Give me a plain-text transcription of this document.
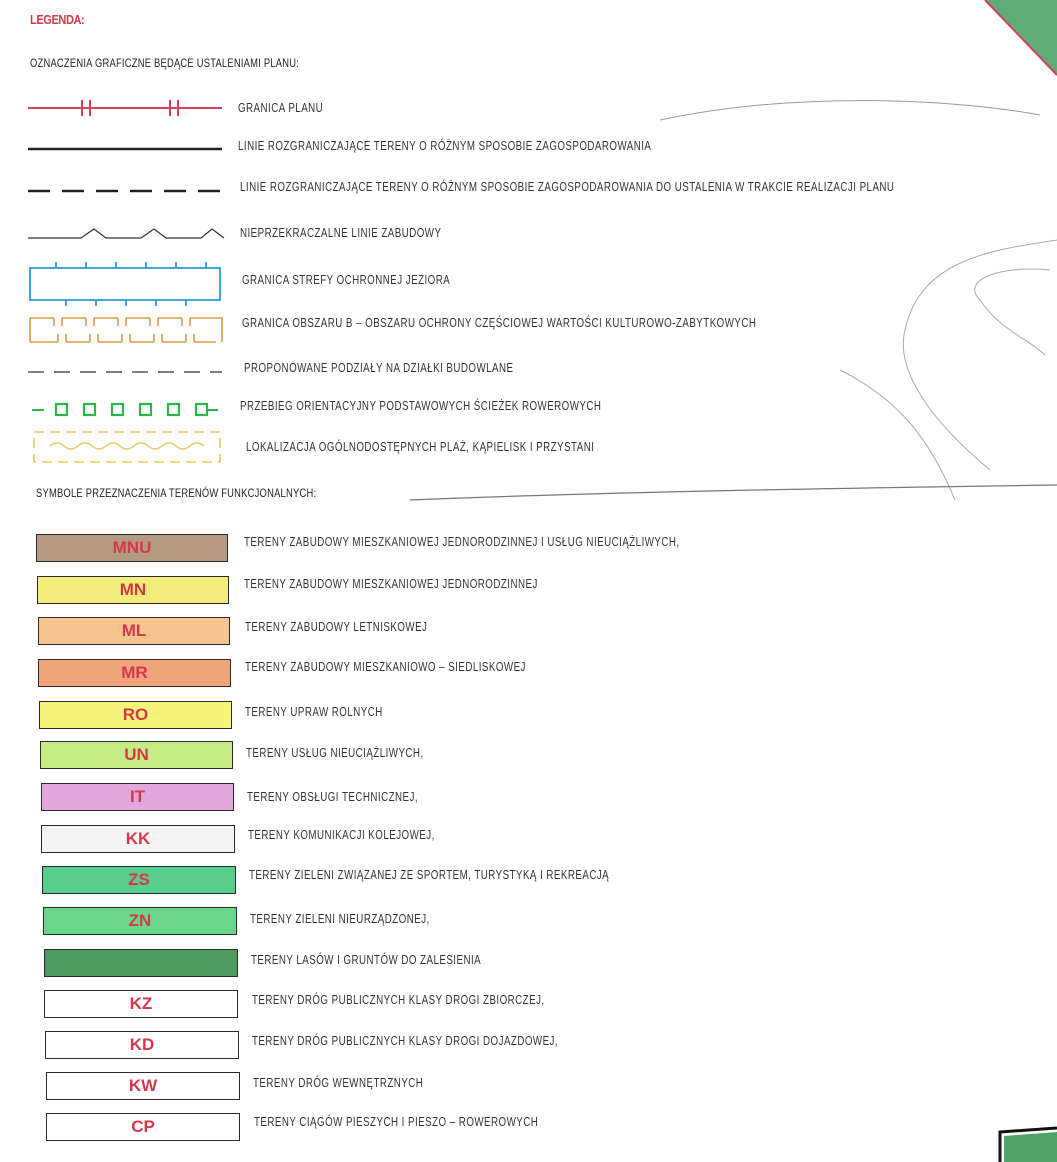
LEGENDA:
OZNACZENIA GRAFICZNE BĘDĄCE USTALENIAMI PLANU:
GRANICA PLANU
LINIE ROZGRANICZAJĄCE TERENY O RÓŻNYM SPOSOBIE ZAGOSPODAROWANIA
LINIE ROZGRANICZAJĄCE TERENY O RÓŻNYM SPOSOBIE ZAGOSPODAROWANIA DO USTALENIA W TRAKCIE REALIZACJI PLANU
NIEPRZEKRACZALNE LINIE ZABUDOWY
GRANICA STREFY OCHRONNEJ JEZIORA
GRANICA OBSZARU B – OBSZARU OCHRONY CZĘŚCIOWEJ WARTOŚCI KULTUROWO-ZABYTKOWYCH
PROPONOWANE PODZIAŁY NA DZIAŁKI BUDOWLANE
PRZEBIEG ORIENTACYJNY PODSTAWOWYCH ŚCIEŻEK ROWEROWYCH
LOKALIZACJA OGÓLNODOSTĘPNYCH PLAŻ, KĄPIELISK I PRZYSTANI
SYMBOLE PRZEZNACZENIA TERENÓW FUNKCJONALNYCH:
MNU	TERENY ZABUDOWY MIESZKANIOWEJ JEDNORODZINNEJ I USŁUG NIEUCIĄŻLIWYCH,
MN	TERENY ZABUDOWY MIESZKANIOWEJ JEDNORODZINNEJ
ML	TERENY ZABUDOWY LETNISKOWEJ
MR	TERENY ZABUDOWY MIESZKANIOWO – SIEDLISKOWEJ
RO	TERENY UPRAW ROLNYCH
UN	TERENY USŁUG NIEUCIĄŻLIWYCH,
IT	TERENY OBSŁUGI TECHNICZNEJ,
KK	TERENY KOMUNIKACJI KOLEJOWEJ,
ZS	TERENY ZIELENI ZWIĄZANEJ ZE SPORTEM, TURYSTYKĄ I REKREACJĄ
ZN	TERENY ZIELENI NIEURZĄDZONEJ,
TERENY LASÓW I GRUNTÓW DO ZALESIENIA
KZ	TERENY DRÓG PUBLICZNYCH KLASY DROGI ZBIORCZEJ,
KD	TERENY DRÓG PUBLICZNYCH KLASY DROGI DOJAZDOWEJ,
KW	TERENY DRÓG WEWNĘTRZNYCH
CP	TERENY CIĄGÓW PIESZYCH I PIESZO – ROWEROWYCH
